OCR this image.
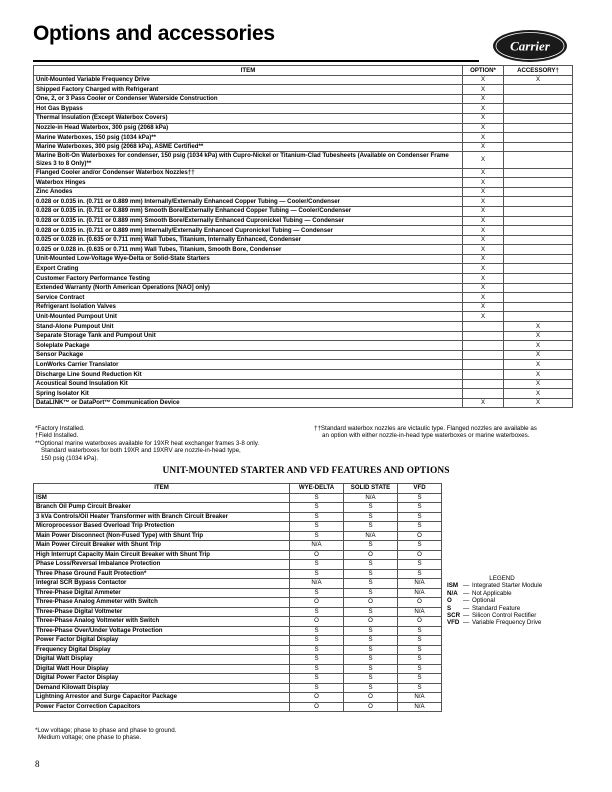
Options and accessories
Carrier
ITEM	OPTION*	ACCESSORY†
Unit-Mounted Variable Frequency Drive	X	X
Shipped Factory Charged with Refrigerant	X	
One, 2, or 3 Pass Cooler or Condenser Waterside Construction	X	
Hot Gas Bypass	X	
Thermal Insulation (Except Waterbox Covers)	X	
Nozzle-in Head Waterbox, 300 psig (2068 kPa)	X	
Marine Waterboxes, 150 psig (1034 kPa)**	X	
Marine Waterboxes, 300 psig (2068 kPa), ASME Certified**	X	
Marine Bolt-On Waterboxes for condenser, 150 psig (1034 kPa) with Cupro-Nickel or Titanium-Clad Tubesheets (Available on Condenser Frame Sizes 3 to 8 Only)**	X	
Flanged Cooler and/or Condenser Waterbox Nozzles††	X	
Waterbox Hinges	X	
Zinc Anodes	X	
0.028 or 0.035 in. (0.711 or 0.889 mm) Internally/Externally Enhanced Copper Tubing — Cooler/Condenser	X	
0.028 or 0.035 in. (0.711 or 0.889 mm) Smooth Bore/Externally Enhanced Copper Tubing — Cooler/Condenser	X	
0.028 or 0.035 in. (0.711 or 0.889 mm) Smooth Bore/Externally Enhanced Cupronickel Tubing — Condenser	X	
0.028 or 0.035 in. (0.711 or 0.889 mm) Internally/Externally Enhanced Cupronickel Tubing — Condenser	X	
0.025 or 0.028 in. (0.635 or 0.711 mm) Wall Tubes, Titanium, Internally Enhanced, Condenser	X	
0.025 or 0.028 in. (0.635 or 0.711 mm) Wall Tubes, Titanium, Smooth Bore, Condenser	X	
Unit-Mounted Low-Voltage Wye-Delta or Solid-State Starters	X	
Export Crating	X	
Customer Factory Performance Testing	X	
Extended Warranty (North American Operations [NAO] only)	X	
Service Contract	X	
Refrigerant Isolation Valves	X	
Unit-Mounted Pumpout Unit	X	
Stand-Alone Pumpout Unit		X
Separate Storage Tank and Pumpout Unit		X
Soleplate Package		X
Sensor Package		X
LonWorks Carrier Translator		X
Discharge Line Sound Reduction Kit		X
Acoustical Sound Insulation Kit		X
Spring Isolator Kit		X
DataLINK™ or DataPort™ Communication Device	X	X
*Factory Installed.
†Field Installed.
**Optional marine waterboxes available for 19XR heat exchanger frames 3-8 only.
Standard waterboxes for both 19XR and 19XRV are nozzle-in-head type,
150 psig (1034 kPa).
††Standard waterbox nozzles are victaulic type. Flanged nozzles are available as
an option with either nozzle-in-head type waterboxes or marine waterboxes.
UNIT-MOUNTED STARTER AND VFD FEATURES AND OPTIONS
ITEM	WYE-DELTA	SOLID STATE	VFD
ISM	S	N/A	S
Branch Oil Pump Circuit Breaker	S	S	S
3 kVa Controls/Oil Heater Transformer with Branch Circuit Breaker	S	S	S
Microprocessor Based Overload Trip Protection	S	S	S
Main Power Disconnect (Non-Fused Type) with Shunt Trip	S	N/A	O
Main Power Circuit Breaker with Shunt Trip	N/A	S	S
High Interrupt Capacity Main Circuit Breaker with Shunt Trip	O	O	O
Phase Loss/Reversal Imbalance Protection	S	S	S
Three Phase Ground Fault Protection*	S	S	S
Integral SCR Bypass Contactor	N/A	S	N/A
Three-Phase Digital Ammeter	S	S	N/A
Three-Phase Analog Ammeter with Switch	O	O	O
Three-Phase Digital Voltmeter	S	S	N/A
Three-Phase Analog Voltmeter with Switch	O	O	O
Three-Phase Over/Under Voltage Protection	S	S	S
Power Factor Digital Display	S	S	S
Frequency Digital Display	S	S	S
Digital Watt Display	S	S	S
Digital Watt Hour Display	S	S	S
Digital Power Factor Display	S	S	S
Demand Kilowatt Display	S	S	S
Lightning Arrestor and Surge Capacitor Package	O	O	N/A
Power Factor Correction Capacitors	O	O	N/A
LEGEND
ISM — Integrated Starter Module
N/A — Not Applicable
O	— Optional
S	— Standard Feature
SCR — Silicon Control Rectifier
VFD — Variable Frequency Drive
*Low voltage; phase to phase and phase to ground.
Medium voltage; one phase to phase.
8
